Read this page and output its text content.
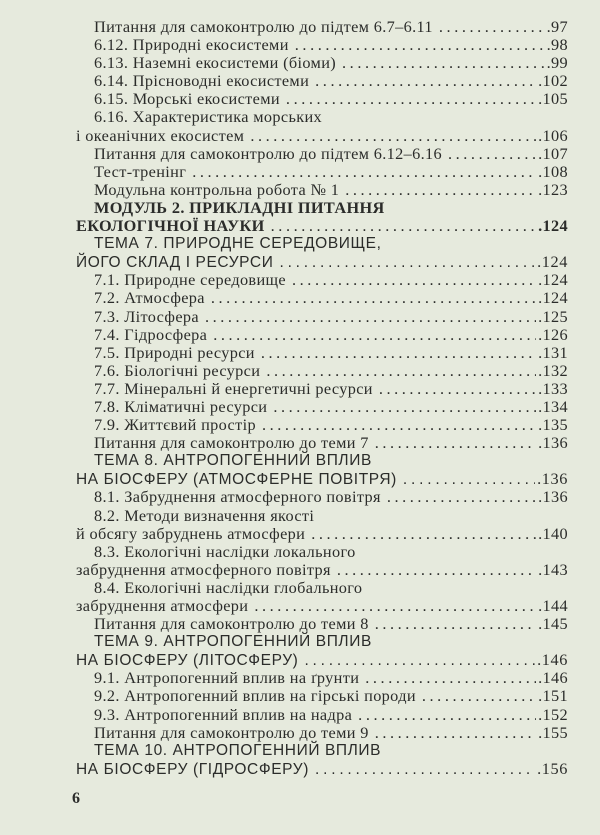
Питання для самоконтролю до підтем 6.7–6.11 . . .	.97
6.12. Природні екосистеми . . .	.98
6.13. Наземні екосистеми (біоми) . . .	.99
6.14. Прісноводні екосистеми . . .	.102
6.15. Морські екосистеми . . .	.105
6.16. Характеристика морських
і океанічних екосистем . . .	.106
Питання для самоконтролю до підтем 6.12–6.16 . . .	.107
Тест-тренінг . . .	.108
Модульна контрольна робота № 1 . . .	.123
МОДУЛЬ 2. ПРИКЛАДНІ ПИТАННЯ
ЕКОЛОГІЧНОЇ НАУКИ . . .	.124
ТЕМА 7. ПРИРОДНЕ СЕРЕДОВИЩЕ,
ЙОГО СКЛАД І РЕСУРСИ . . .	.124
7.1. Природне середовище . . .	.124
7.2. Атмосфера . . .	.124
7.3. Літосфера . . .	.125
7.4. Гідросфера . . .	.126
7.5. Природні ресурси . . .	.131
7.6. Біологічні ресурси . . .	.132
7.7. Мінеральні й енергетичні ресурси . . .	.133
7.8. Кліматичні ресурси . . .	.134
7.9. Життєвий простір . . .	.135
Питання для самоконтролю до теми 7 . . .	.136
ТЕМА 8. АНТРОПОГЕННИЙ ВПЛИВ
НА БІОСФЕРУ (АТМОСФЕРНЕ ПОВІТРЯ) . . .	.136
8.1. Забруднення атмосферного повітря . . .	.136
8.2. Методи визначення якості
й обсягу забруднень атмосфери . . .	.140
8.3. Екологічні наслідки локального
забруднення атмосферного повітря . . .	.143
8.4. Екологічні наслідки глобального
забруднення атмосфери . . .	.144
Питання для самоконтролю до теми 8 . . .	.145
ТЕМА 9. АНТРОПОГЕННИЙ ВПЛИВ
НА БІОСФЕРУ (ЛІТОСФЕРУ) . . .	.146
9.1. Антропогенний вплив на ґрунти . . .	.146
9.2. Антропогенний вплив на гірські породи . . .	.151
9.3. Антропогенний вплив на надра . . .	.152
Питання для самоконтролю до теми 9 . . .	.155
ТЕМА 10. АНТРОПОГЕННИЙ ВПЛИВ
НА БІОСФЕРУ (ГІДРОСФЕРУ) . . .	.156
6
